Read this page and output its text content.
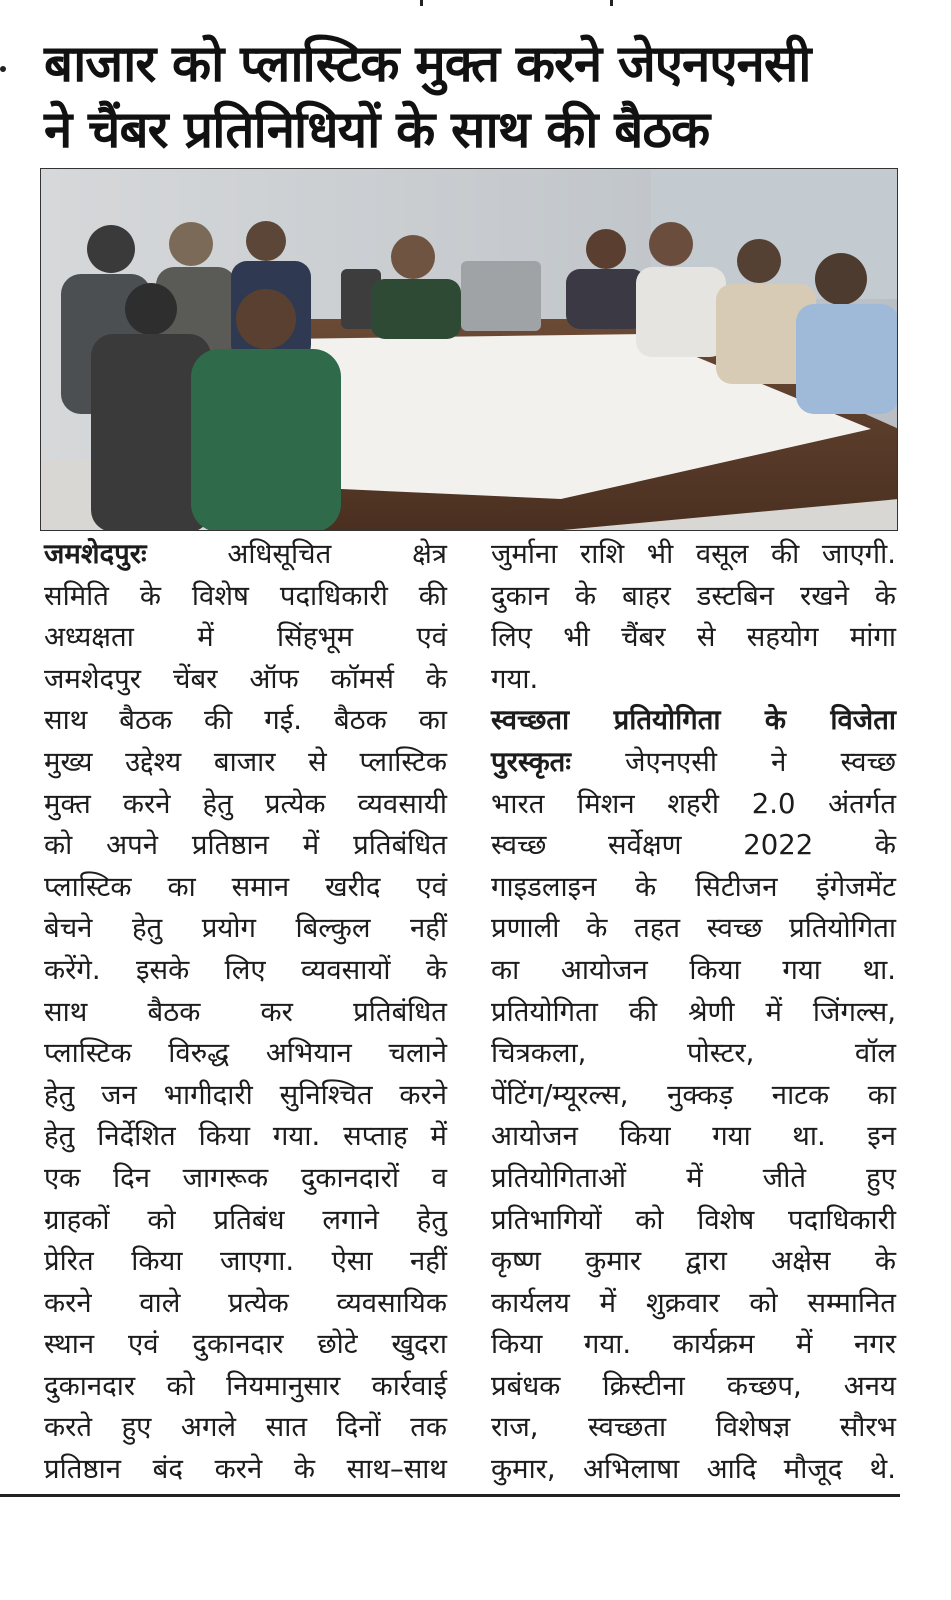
बाजार को प्लास्टिक मुक्त करने जेएनएनसी
ने चैंबर प्रतिनिधियों के साथ की बैठक

जमशेदपुरः	अधिसूचित क्षेत्र

समिति के विशेष पदाधिकारी की

अध्यक्षता में सिंहभूम एवं

जमशेदपुर चेंबर ऑफ कॉमर्स के

साथ बैठक की गई. बैठक का

मुख्य उद्देश्य बाजार से प्लास्टिक

मुक्त करने हेतु प्रत्येक व्यवसायी

को अपने प्रतिष्ठान में प्रतिबंधित

प्लास्टिक का समान खरीद एवं

बेचने हेतु प्रयोग बिल्कुल नहीं

करेंगे. इसके लिए व्यवसायों के

साथ बैठक कर प्रतिबंधित

प्लास्टिक विरुद्ध अभियान चलाने

हेतु जन भागीदारी सुनिश्चित करने

हेतु निर्देशित किया गया. सप्ताह में

एक दिन जागरूक दुकानदारों व

ग्राहकों को प्रतिबंध लगाने हेतु

प्रेरित किया जाएगा. ऐसा नहीं

करने वाले प्रत्येक व्यवसायिक

स्थान एवं दुकानदार छोटे खुदरा

दुकानदार को नियमानुसार कार्रवाई

करते हुए अगले सात दिनों तक

प्रतिष्ठान बंद करने के साथ–साथ

जुर्माना राशि भी वसूल की जाएगी.

दुकान के बाहर डस्टबिन रखने के

लिए भी चैंबर से सहयोग मांगा

गया.

स्वच्छता प्रतियोगिता के विजेता

पुरस्कृतः जेएनएसी ने स्वच्छ

भारत मिशन शहरी 2.0 अंतर्गत

स्वच्छ सर्वेक्षण 2022 के

गाइडलाइन के सिटीजन इंगेजमेंट

प्रणाली के तहत स्वच्छ प्रतियोगिता

का आयोजन किया गया था.

प्रतियोगिता की श्रेणी में जिंगल्स,

चित्रकला, पोस्टर, वॉल

पेंटिंग/म्यूरल्स, नुक्कड़ नाटक का

आयोजन किया गया था. इन

प्रतियोगिताओं में जीते हुए

प्रतिभागियों को विशेष पदाधिकारी

कृष्ण कुमार द्वारा अक्षेस के

कार्यलय में शुक्रवार को सम्मानित

किया गया. कार्यक्रम में नगर

प्रबंधक क्रिस्टीना कच्छप, अनय

राज, स्वच्छता विशेषज्ञ सौरभ

कुमार, अभिलाषा आदि मौजूद थे.
